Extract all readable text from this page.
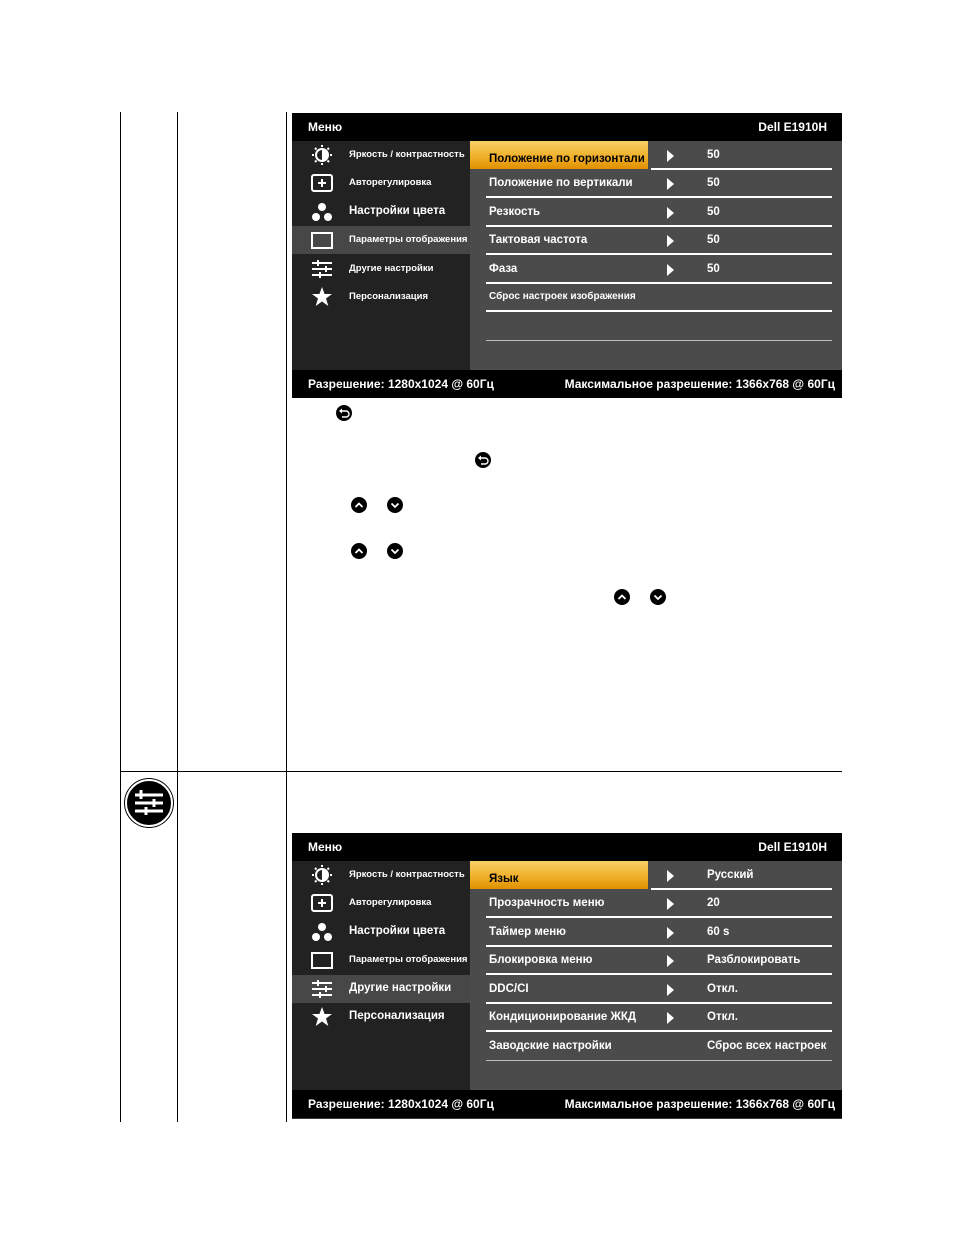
Меню	Dell E1910H
Яркость / контрастность
Авторегулировка
Настройки цвета
Параметры отображения
Другие настройки
Персонализация
Положение по горизонтали	50
Положение по вертикали	50
Резкость	50
Тактовая частота	50
Фаза	50
Сброс настроек изображения
Разрешение: 1280x1024 @ 60Гц	Максимальное разрешение: 1366x768 @ 60Гц
Меню	Dell E1910H
Яркость / контрастность
Авторегулировка
Настройки цвета
Параметры отображения
Другие настройки
Персонализация
Язык	Русский
Прозрачность меню	20
Таймер меню	60 s
Блокировка меню	Разблокировать
DDC/CI	Откл.
Кондиционирование ЖКД	Откл.
Заводские настройки	Сброс всех настроек
Разрешение: 1280x1024 @ 60Гц	Максимальное разрешение: 1366x768 @ 60Гц
